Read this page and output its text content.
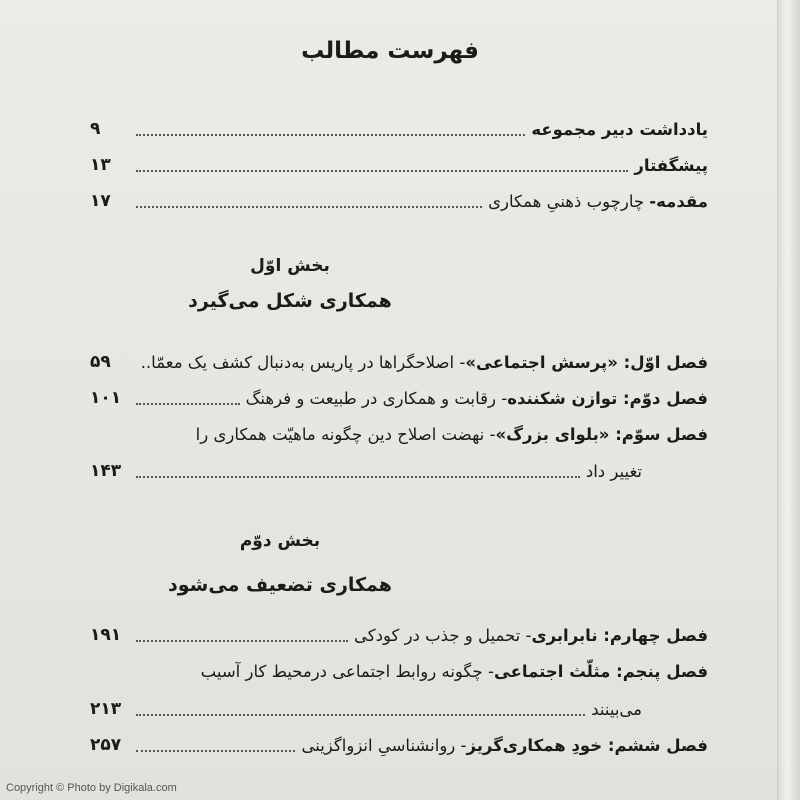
فهرست مطالب
یادداشت دبیر مجموعه
۹
پیشگفتار
۱۳
مقدمه- چارچوب ذهنیِ همکاری
۱۷
بخش اوّل
همکاری شکل می‌گیرد
فصل اوّل: «پرسش اجتماعی»- اصلاحگراها در پاریس به‌دنبال کشف یک معمّا..
۵۹
فصل دوّم: توازن شکننده- رقابت و همکاری در طبیعت و فرهنگ
۱۰۱
فصل سوّم: «بلوای بزرگ»- نهضت اصلاح دین چگونه ماهیّت همکاری را
تغییر داد
۱۴۳
بخش دوّم
همکاری تضعیف می‌شود
فصل چهارم: نابرابری- تحمیل و جذب در کودکی
۱۹۱
فصل پنجم: مثلّث اجتماعی- چگونه روابط اجتماعی درمحیط کار آسیب
می‌بینند
۲۱۳
فصل ششم: خودِ همکاری‌گریز- روانشناسیِ انزواگزینی
۲۵۷
Copyright © Photo by Digikala.com
